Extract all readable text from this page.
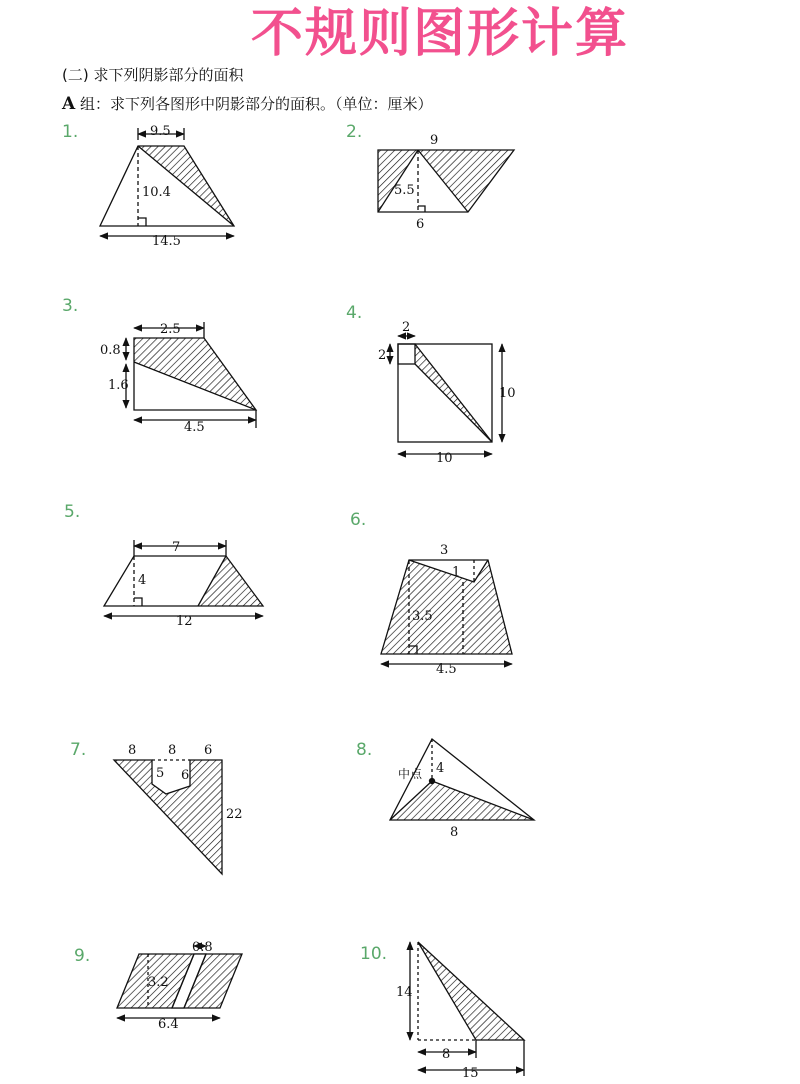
不规则图形计算
(二) 求下列阴影部分的面积
A 组：求下列各图形中阴影部分的面积。（单位：厘米）
1.	2.
3.	4.
5.	6.
7.	8.
9.	10.
9.5
10.4
14.5
9
5.5
6
2.5
0.8
1.6
4.5
2
2
10
10
7
4
12
3
1
3.5
4.5
8 8 6
5 6
22
中点 4
8
0.8
3.2
6.4
14
8
15
